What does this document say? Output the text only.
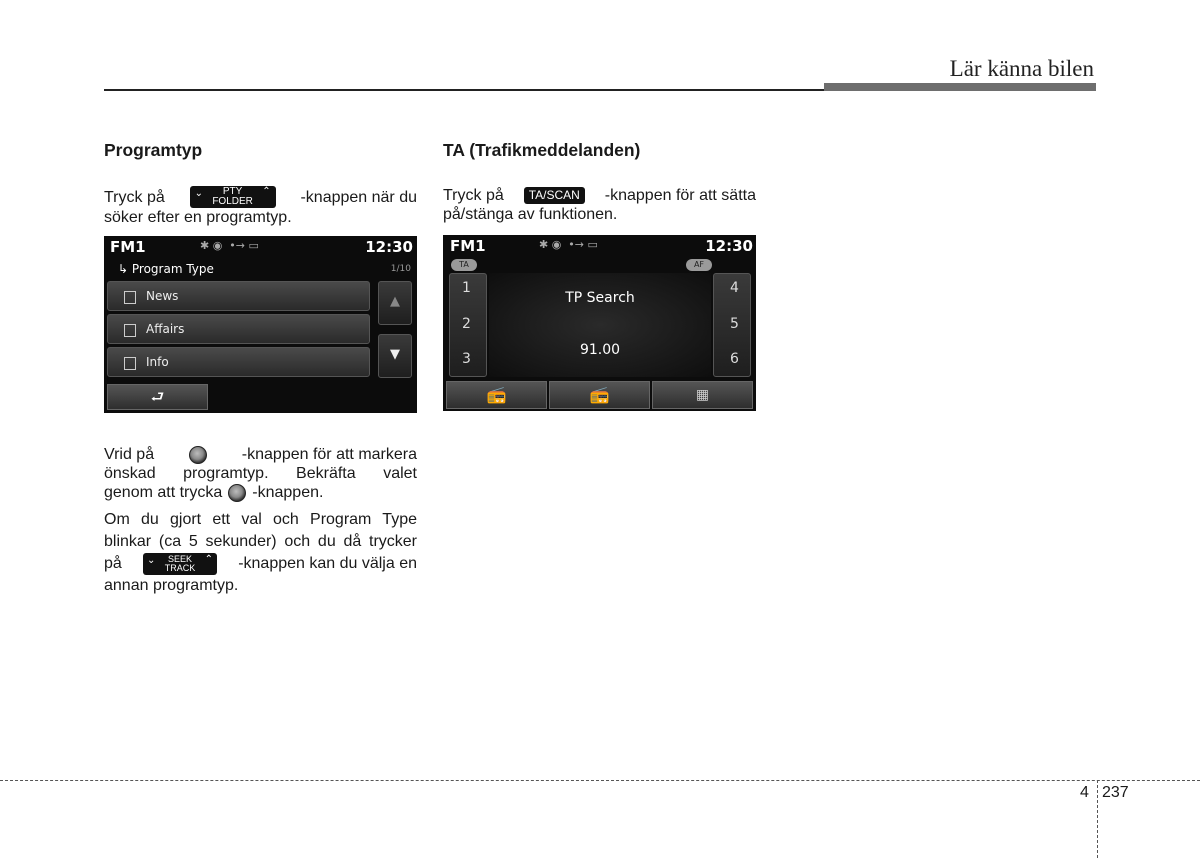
Lär känna bilen
Programtyp
Tryck på	⌄	PTY
FOLDER
⌃ -knappen när du
söker efter en programtyp.
FM1	✱ ◉  •→ ▭	12:30
↳ Program Type	1/10
News
Affairs
Info
▲
▼
⮐
Vrid på	-knappen för att markera
önskad programtyp. Bekräfta valet
genom att trycka -knappen.
Om du gjort ett val och Program Type
blinkar (ca 5 sekunder) och du då trycker
på	⌄	SEEK
TRACK
⌃ -knappen kan du välja en
annan programtyp.
TA (Trafikmeddelanden)
Tryck på	TA/SCAN	-knappen för att sätta
på/stänga av funktionen.
FM1	✱ ◉  •→ ▭	12:30
TA	AF
1
2
3
4
5
6
TP Search
91.00
📻	📻	▦
4 237
